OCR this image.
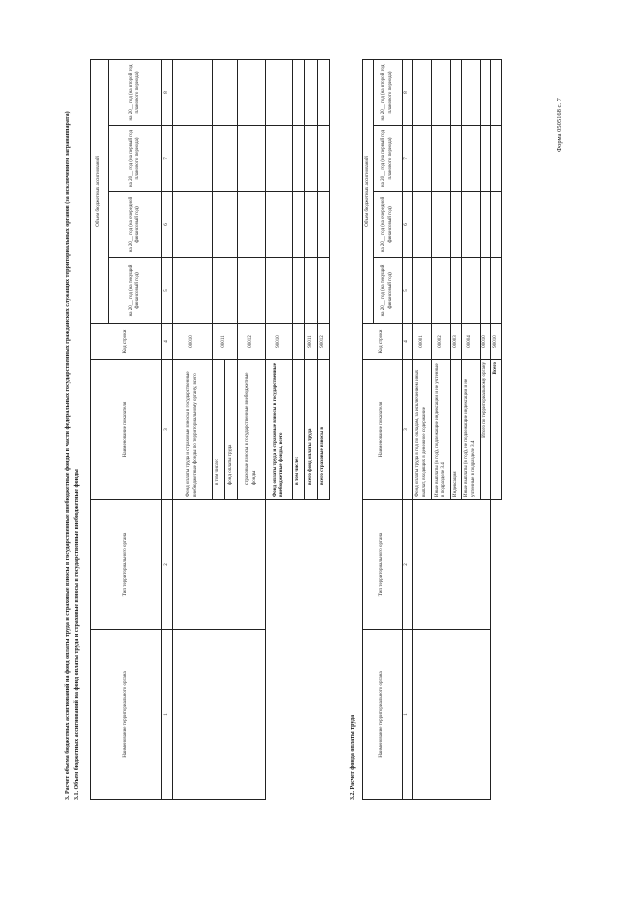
Форма 0505168 с. 7
3. Расчет объема бюджетных ассигнований на фонд оплаты труда и страховые взносы в государственные внебюджетные фонды в части федеральных государственных гражданских служащих территориальных органов (за исключением загранаппарата) 3.1. Объем бюджетных ассигнований на фонд оплаты труда и страховые взносы в государственные внебюджетные фонды	Наименование территориального органа	Тип территориального органа	Наименование показателя	Код строки	Объем бюджетных ассигнований			
				на 20__ год (на текущий финансовый год)	на 20__ год (на очередной финансовый год)	на 20__ год (на первый год планового периода)	на 20__ год (на второй год планового периода)
1	2	3	4	5	6	7	8
		Фонд оплаты труда и страховые взносы в государственные внебюджетные фонды по территориальному органу, всего	00010				
		в том числе:	00011				
		фонд оплаты труда					
		страховые взносы в государственные внебюджетные фонды	00012				
		Фонд оплаты труда и страховые взносы в государственные внебюджетные фонды, всего	90010				
		в том числе:					
		всего фонд оплаты труда	90011				
		всего страховые взносы в	90012				
3.2. Расчет фонда оплаты труда	Наименование территориального органа	Тип территориального органа	Наименование показателя	Код строки	Объем бюджетных ассигнований			
				на 20__ год (на текущий финансовый год)	на 20__ год (на очередной финансовый год)	на 20__ год (на первый год планового периода)	на 20__ год (на второй год планового периода)
1	2	3	4	5	6	7	8
		Фонд оплаты труда в год по окладам, за исключением иных выплат, входящих в денежное содержание	00001				
		Иные выплаты (в год), подлежащие индексации и не учтенные в подразделе 3.4	00002				
		Индексация	00003				
		Иные выплаты (в год), не подлежащие индексации и не учтенные в подразделе 3.4	00004				
		Итого по территориальному органу	00010				
		Всего	90010				
